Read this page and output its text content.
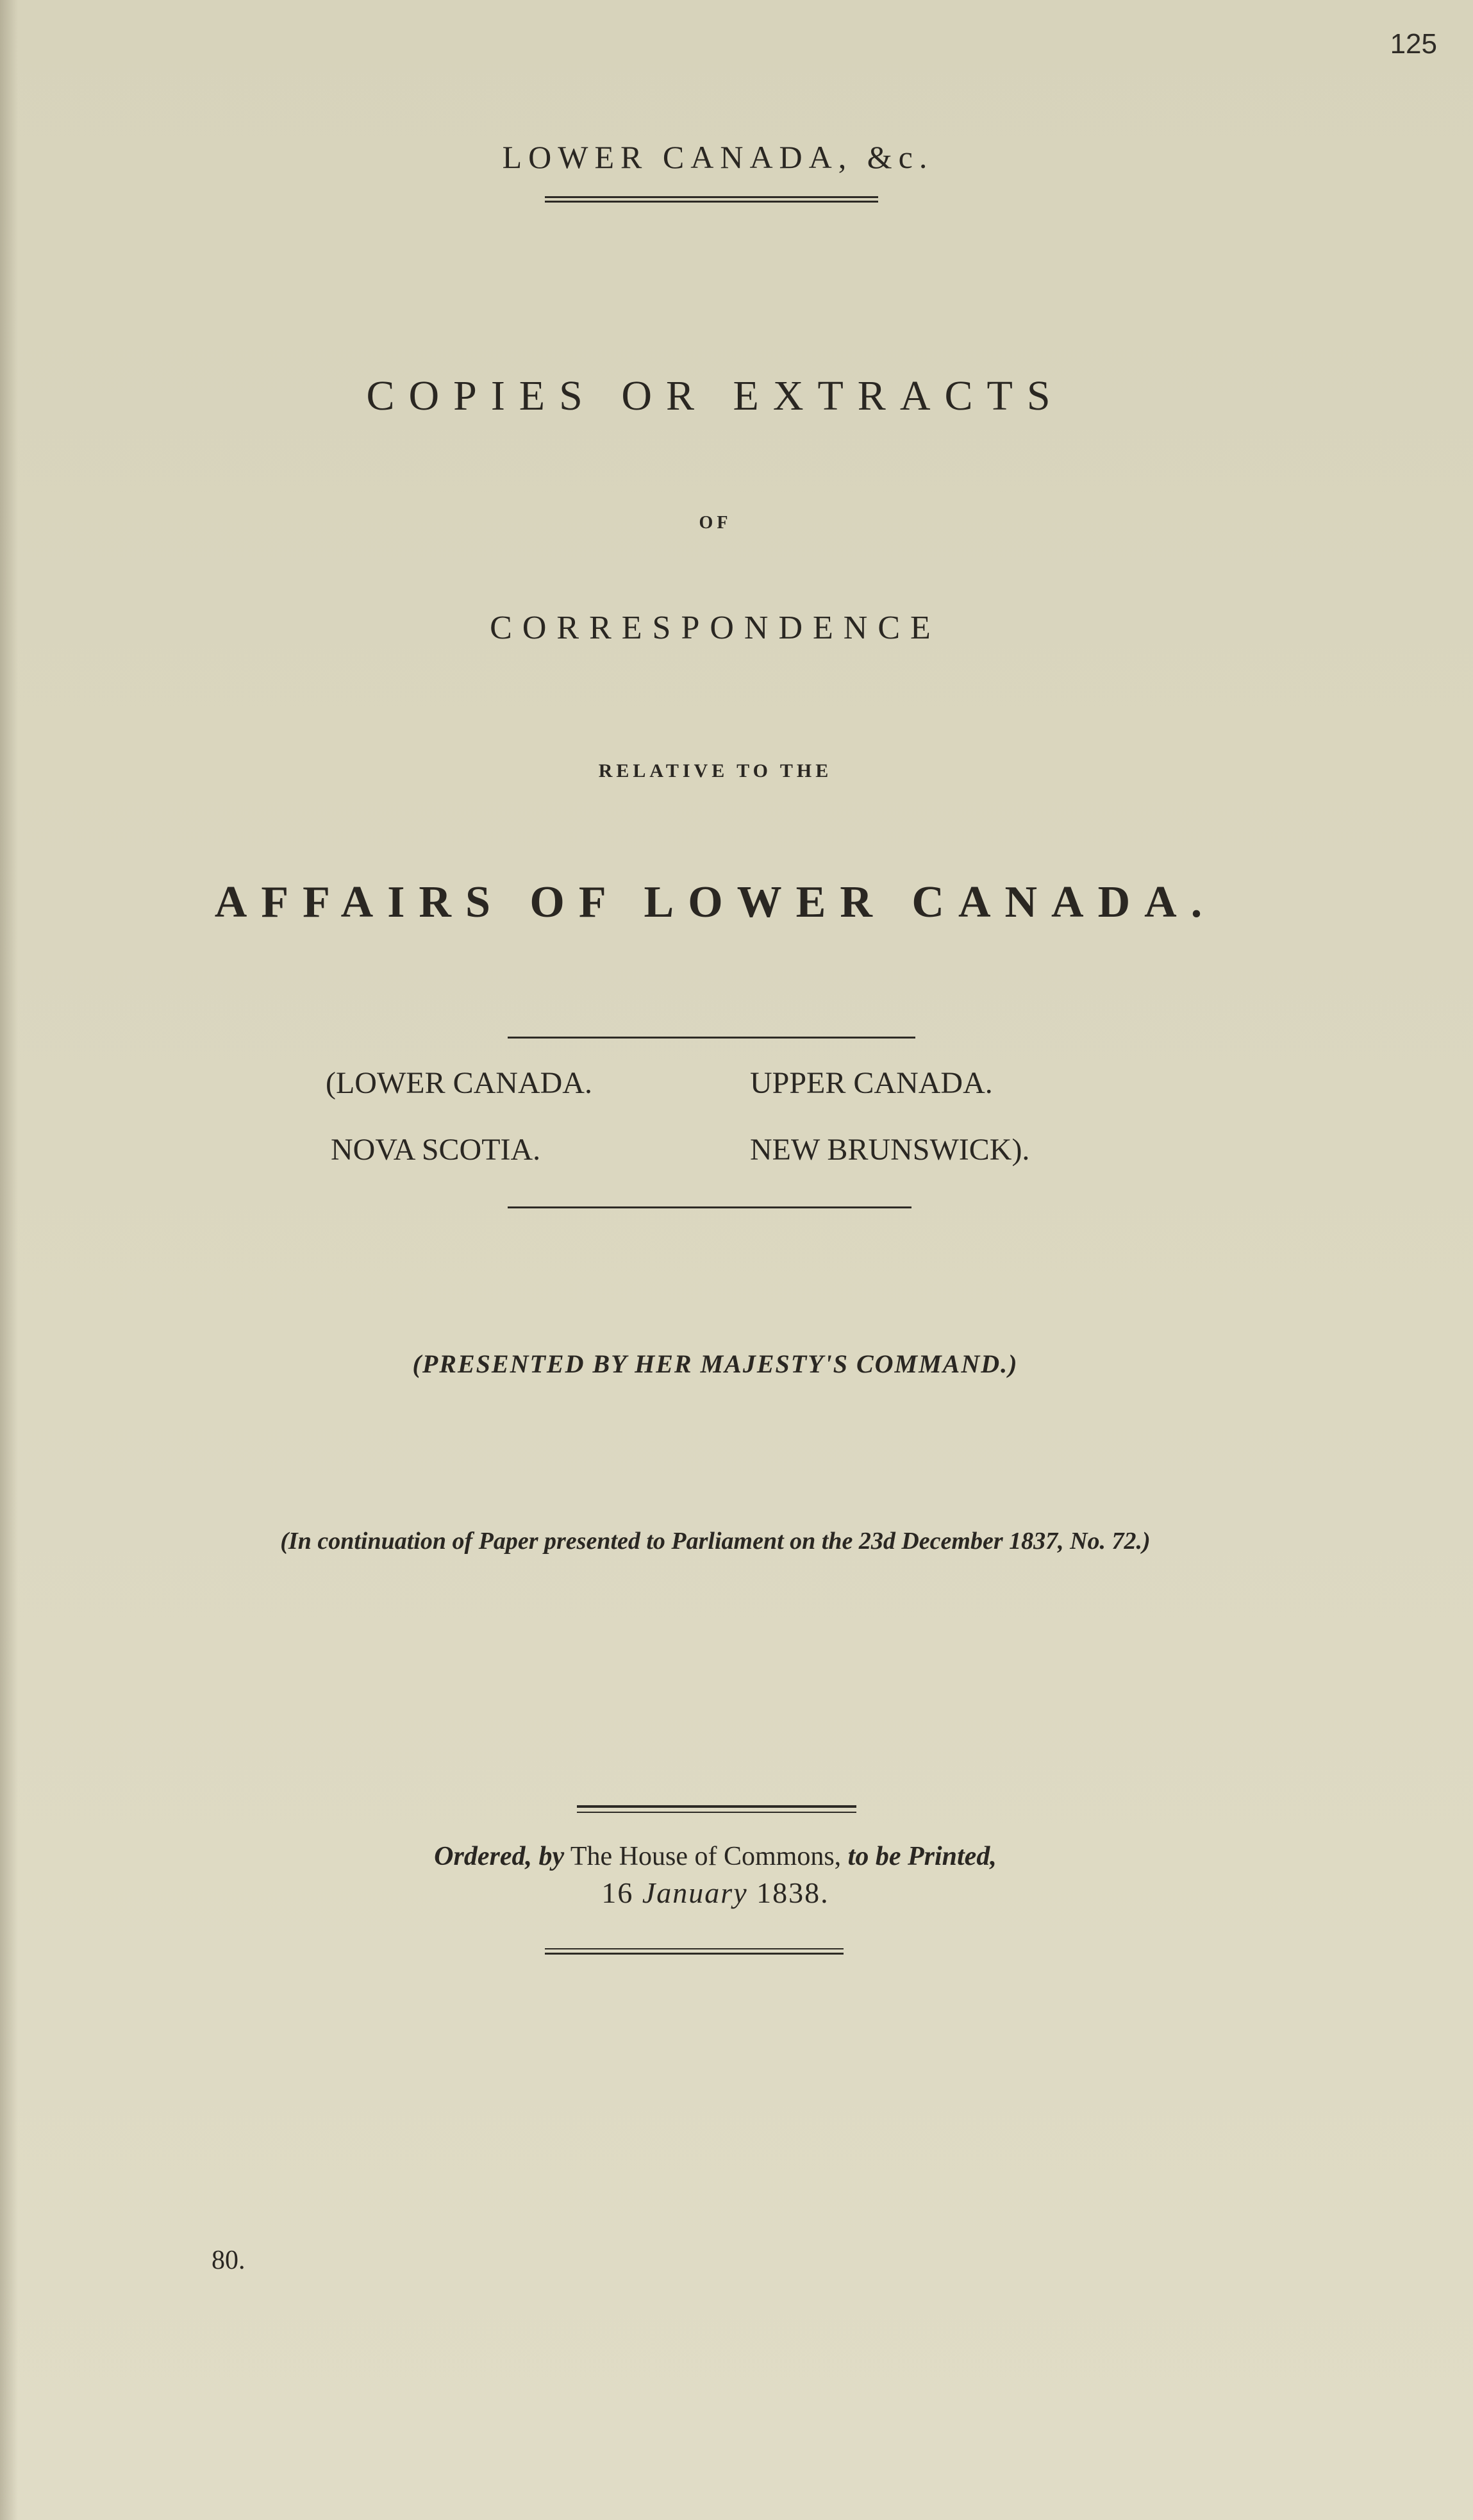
125
LOWER CANADA, &c.
COPIES OR EXTRACTS
OF
CORRESPONDENCE
RELATIVE TO THE
AFFAIRS OF LOWER CANADA.
(LOWER CANADA.	UPPER CANADA.
NOVA SCOTIA.	NEW BRUNSWICK).
(PRESENTED BY HER MAJESTY'S COMMAND.)
(In continuation of Paper presented to Parliament on the 23d December 1837, No. 72.)
Ordered, by The House of Commons, to be Printed,
16 January 1838.
80.
